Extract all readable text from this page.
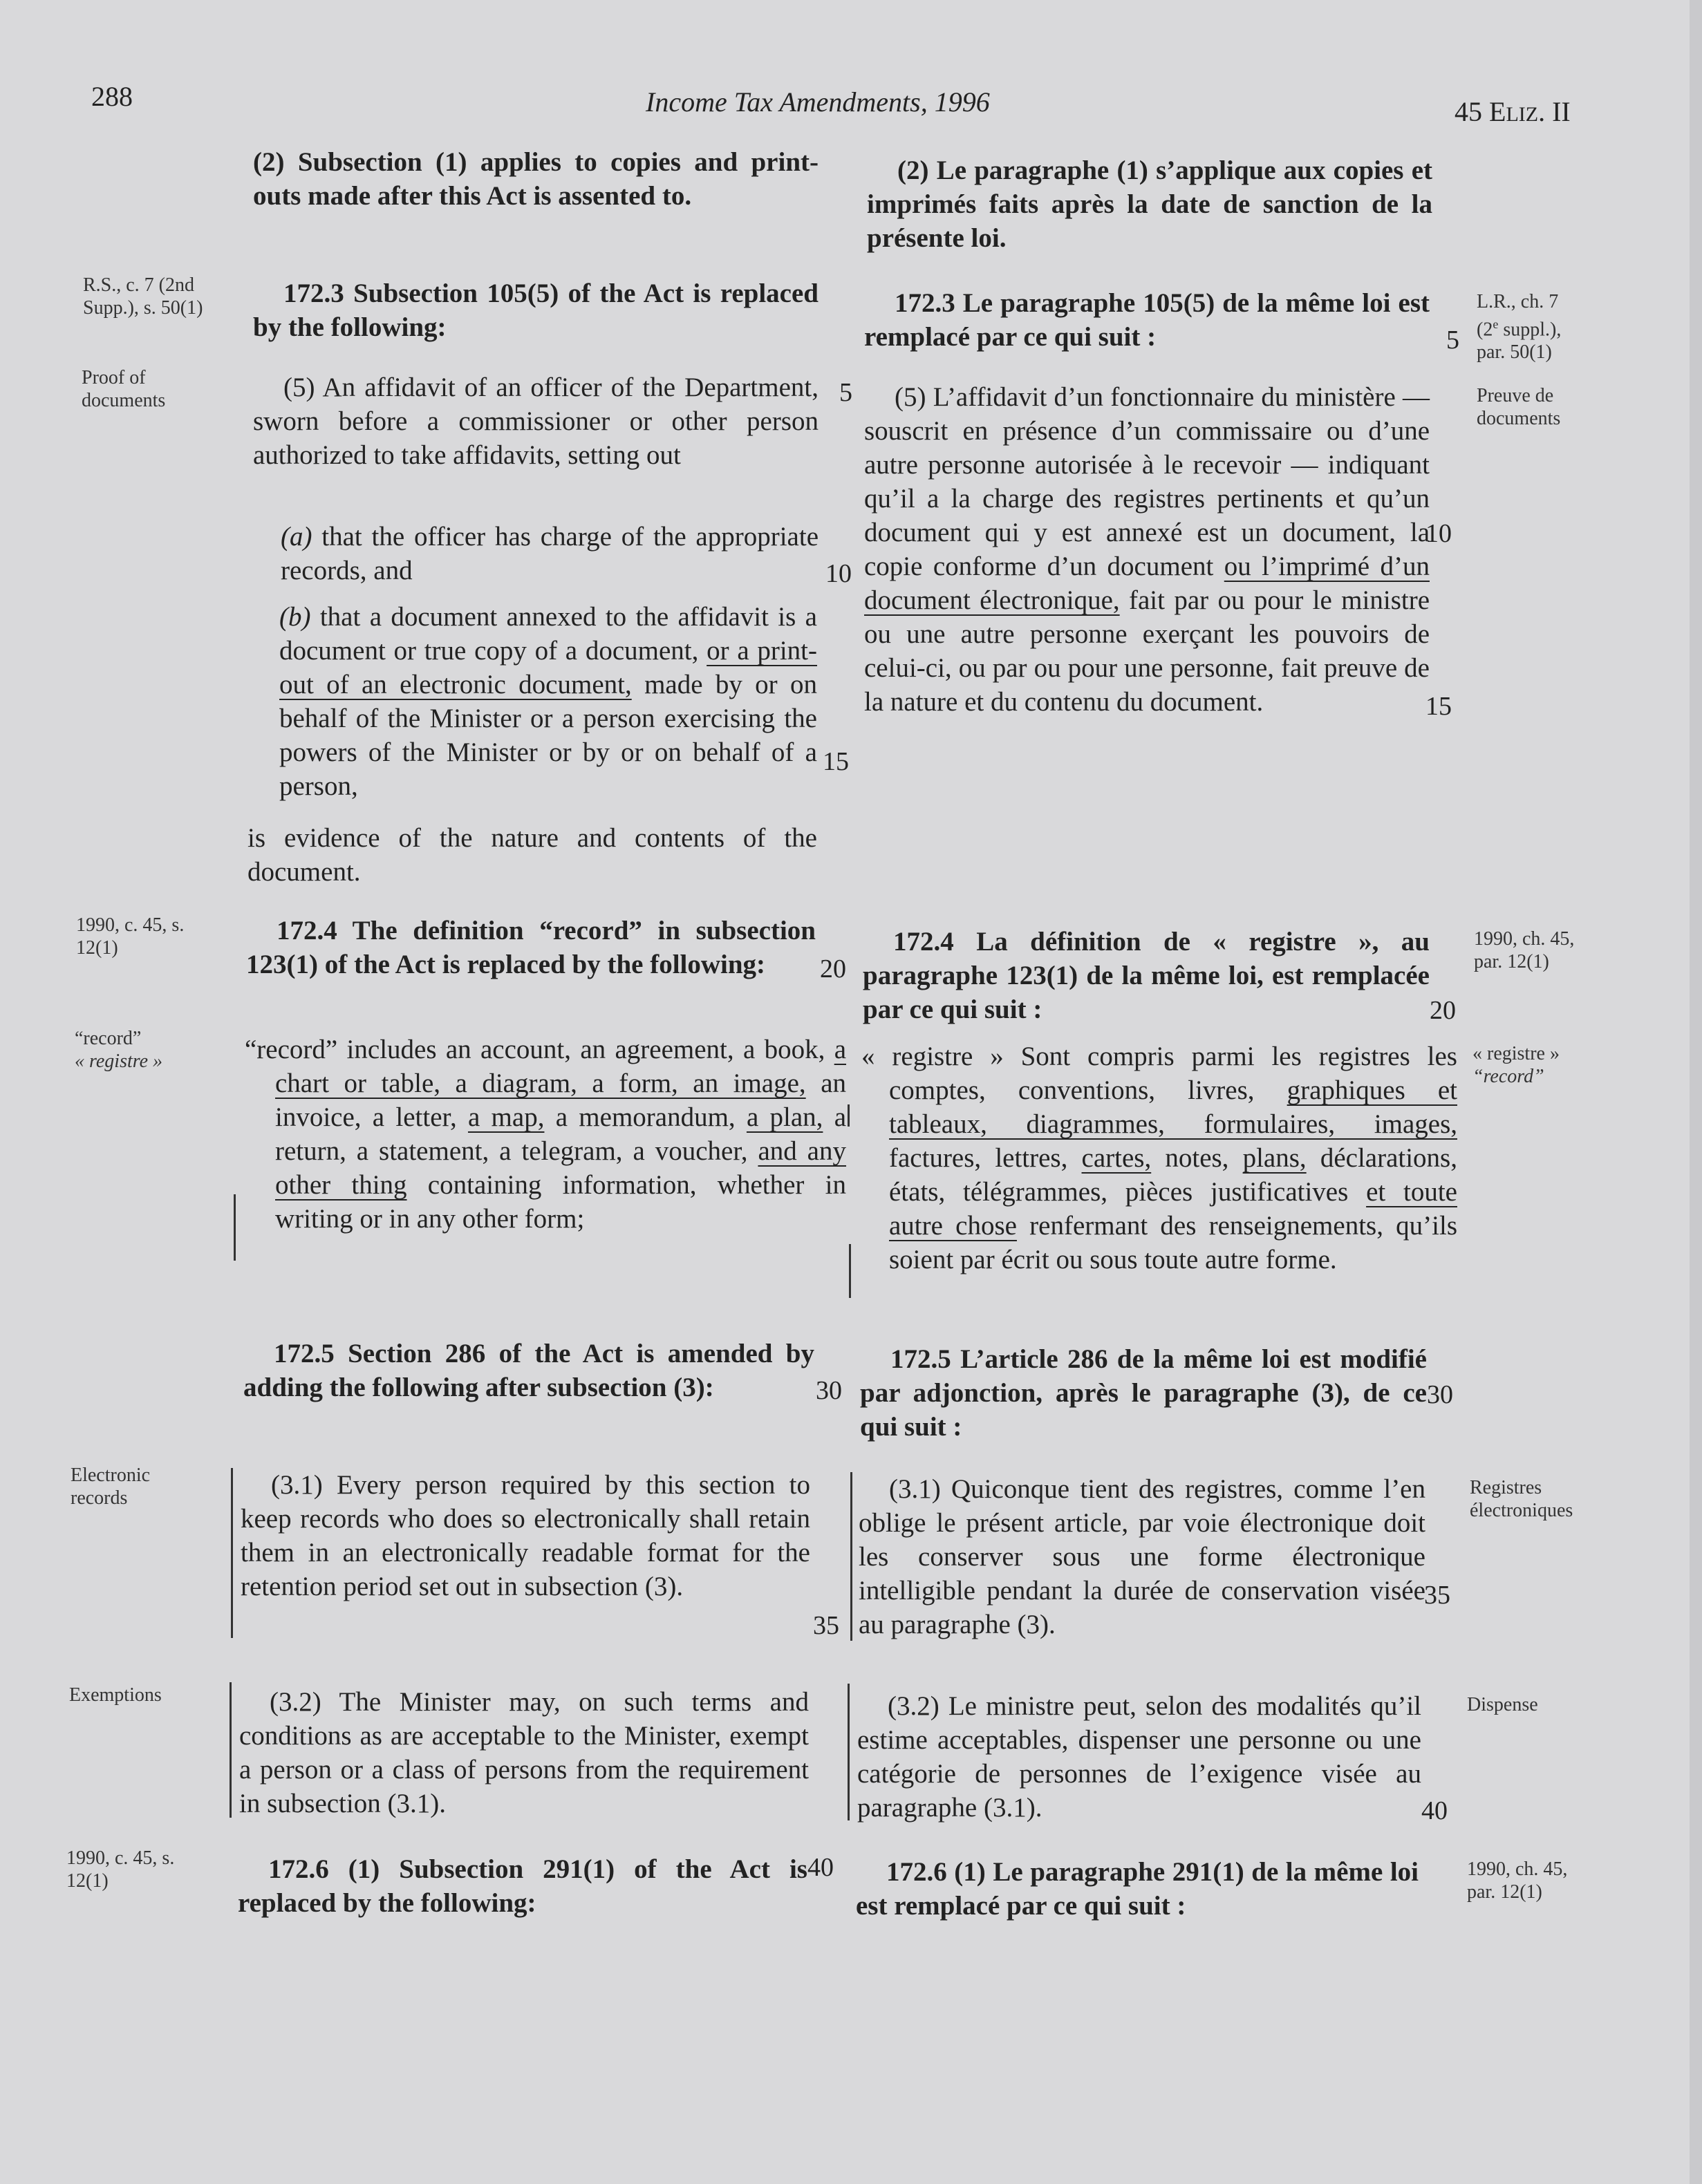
288	Income Tax Amendments, 1996	45 ELIZ. II
R.S., c. 7 (2nd Supp.), s. 50(1)
Proof of documents
1990, c. 45, s. 12(1)
“record”
« registre »
Electronic records
Exemptions
1990, c. 45, s. 12(1)
L.R., ch. 7
(2e suppl.),
par. 50(1)
Preuve de documents
1990, ch. 45, par. 12(1)
« registre »
“record”
Registres électroniques
Dispense
1990, ch. 45, par. 12(1)
5
10
15
20
30
35
40
5
10
15
20
30
35
40

(2) Subsection (1) applies to copies and print-outs made after this Act is assented to.

172.3 Subsection 105(5) of the Act is replaced by the following:

(5) An affidavit of an officer of the Department, sworn before a commissioner or other person authorized to take affidavits, setting out

(a) that the officer has charge of the appropriate records, and

(b) that a document annexed to the affidavit is a document or true copy of a document, or a print-out of an electronic document, made by or on behalf of the Minister or a person exercising the powers of the Minister or by or on behalf of a person,

is evidence of the nature and contents of the document.

172.4 The definition “record” in subsection 123(1) of the Act is replaced by the following:

“record” includes an account, an agreement, a book, a chart or table, a diagram, a form, an image, an invoice, a letter, a map, a memorandum, a plan, a return, a statement, a telegram, a voucher, and any other thing containing information, whether in writing or in any other form;

172.5 Section 286 of the Act is amended by adding the following after subsection (3):

(3.1) Every person required by this section to keep records who does so electronically shall retain them in an electronically readable format for the retention period set out in subsection (3).

(3.2) The Minister may, on such terms and conditions as are acceptable to the Minister, exempt a person or a class of persons from the requirement in subsection (3.1).

172.6 (1) Subsection 291(1) of the Act is replaced by the following:

(2) Le paragraphe (1) s’applique aux copies et imprimés faits après la date de sanction de la présente loi.

172.3 Le paragraphe 105(5) de la même loi est remplacé par ce qui suit :

(5) L’affidavit d’un fonctionnaire du ministère — souscrit en présence d’un commissaire ou d’une autre personne autorisée à le recevoir — indiquant qu’il a la charge des registres pertinents et qu’un document qui y est annexé est un document, la copie conforme d’un document ou l’imprimé d’un document électronique, fait par ou pour le ministre ou une autre personne exerçant les pouvoirs de celui-ci, ou par ou pour une personne, fait preuve de la nature et du contenu du document.

172.4 La définition de « registre », au paragraphe 123(1) de la même loi, est remplacée par ce qui suit :

« registre » Sont compris parmi les registres les comptes, conventions, livres, graphiques et tableaux, diagrammes, formulaires, images, factures, lettres, cartes, notes, plans, déclarations, états, télégrammes, pièces justificatives et toute autre chose renfermant des renseignements, qu’ils soient par écrit ou sous toute autre forme.

172.5 L’article 286 de la même loi est modifié par adjonction, après le paragraphe (3), de ce qui suit :

(3.1) Quiconque tient des registres, comme l’en oblige le présent article, par voie électronique doit les conserver sous une forme électronique intelligible pendant la durée de conservation visée au paragraphe (3).

(3.2) Le ministre peut, selon des modalités qu’il estime acceptables, dispenser une personne ou une catégorie de personnes de l’exigence visée au paragraphe (3.1).

172.6 (1) Le paragraphe 291(1) de la même loi est remplacé par ce qui suit :
